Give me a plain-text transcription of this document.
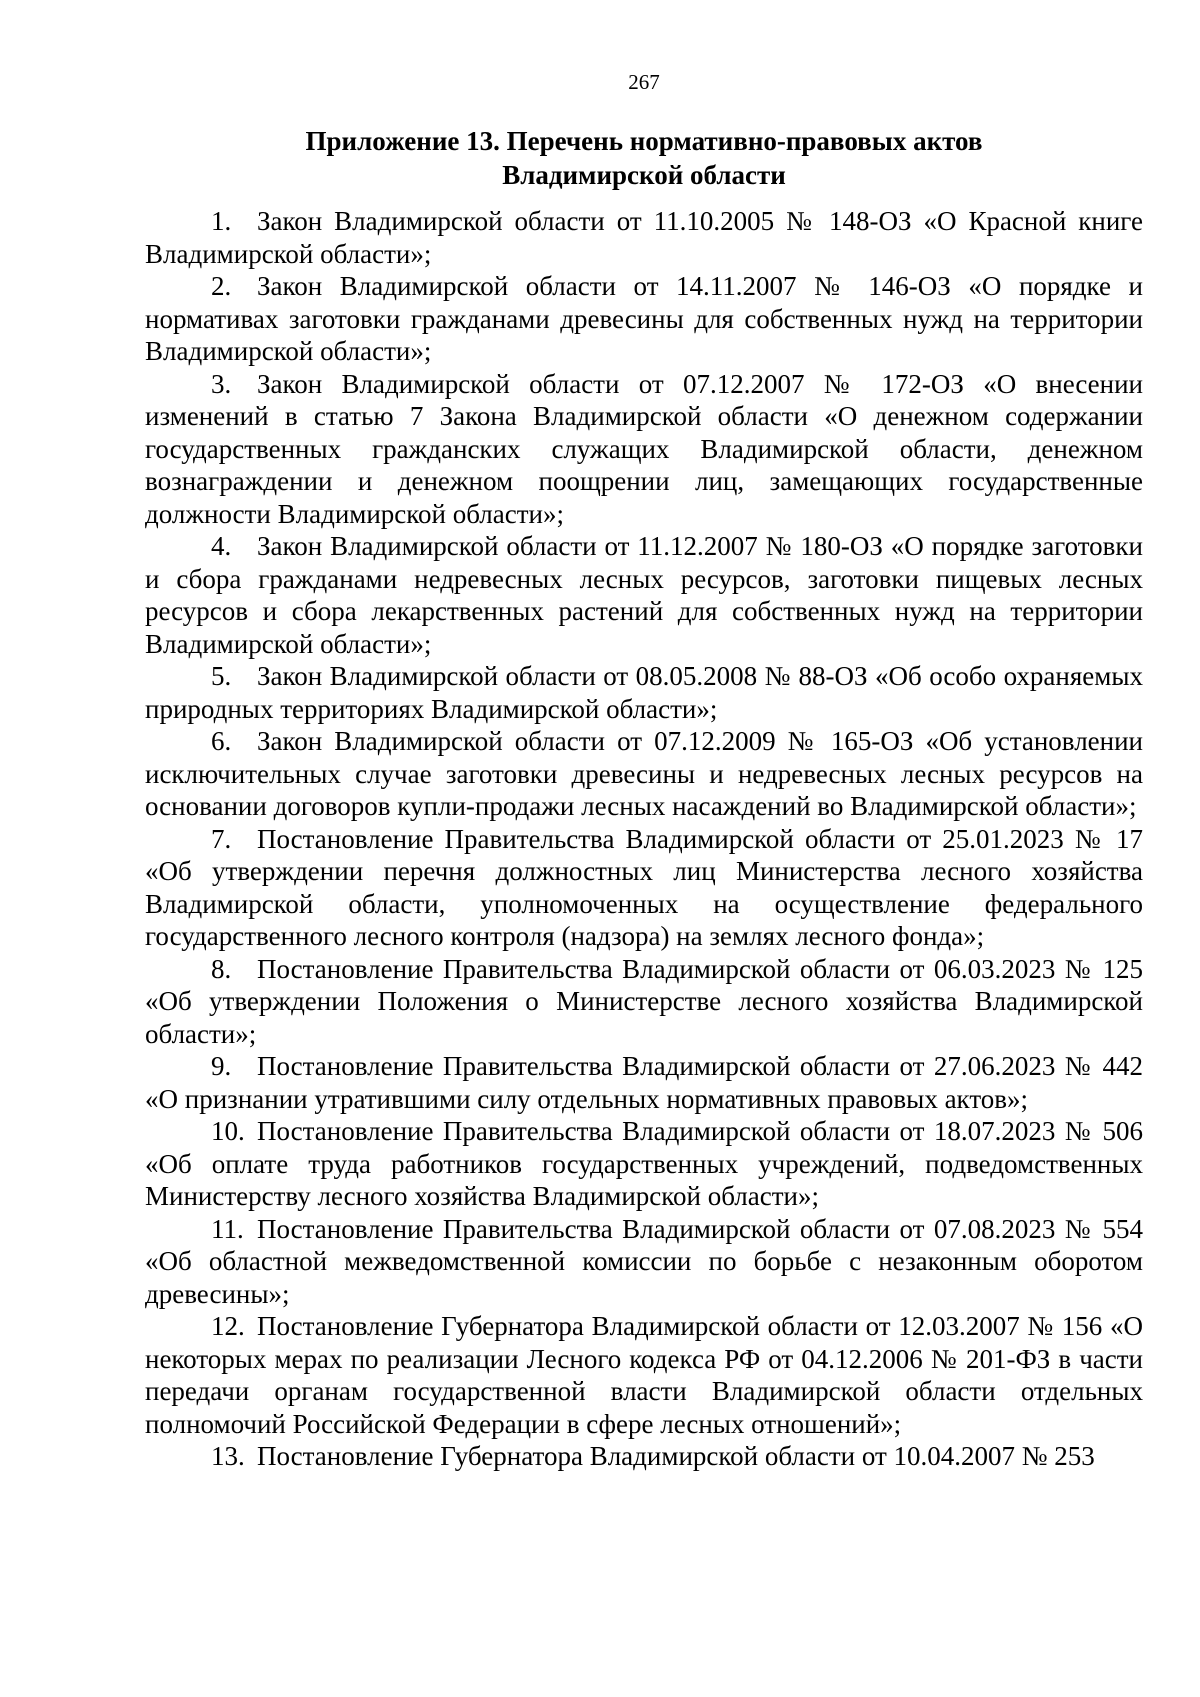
267
Приложение 13. Перечень нормативно-правовых актов
Владимирской области

1. Закон Владимирской области от 11.10.2005 № 148-ОЗ «О Красной книге Владимирской области»;

2. Закон Владимирской области от 14.11.2007 № 146-ОЗ «О порядке и нормативах заготовки гражданами древесины для собственных нужд на территории Владимирской области»;

3. Закон Владимирской области от 07.12.2007 № 172-ОЗ «О внесении изменений в статью 7 Закона Владимирской области «О денежном содержании государственных гражданских служащих Владимирской области, денежном вознаграждении и денежном поощрении лиц, замещающих государственные должности Владимирской области»;

4. Закон Владимирской области от 11.12.2007 № 180-ОЗ «О порядке заготовки и сбора гражданами недревесных лесных ресурсов, заготовки пищевых лесных ресурсов и сбора лекарственных растений для собственных нужд на территории Владимирской области»;

5. Закон Владимирской области от 08.05.2008 № 88-ОЗ «Об особо охраняемых природных территориях Владимирской области»;

6. Закон Владимирской области от 07.12.2009 № 165-ОЗ «Об установлении исключительных случае заготовки древесины и недревесных лесных ресурсов на основании договоров купли-продажи лесных насаждений во Владимирской области»;

7. Постановление Правительства Владимирской области от 25.01.2023 № 17 «Об утверждении перечня должностных лиц Министерства лесного хозяйства Владимирской области, уполномоченных на осуществление федерального государственного лесного контроля (надзора) на землях лесного фонда»;

8. Постановление Правительства Владимирской области от 06.03.2023 № 125 «Об утверждении Положения о Министерстве лесного хозяйства Владимирской области»;

9. Постановление Правительства Владимирской области от 27.06.2023 № 442 «О признании утратившими силу отдельных нормативных правовых актов»;

10. Постановление Правительства Владимирской области от 18.07.2023 № 506 «Об оплате труда работников государственных учреждений, подведомственных Министерству лесного хозяйства Владимирской области»;

11. Постановление Правительства Владимирской области от 07.08.2023 № 554 «Об областной межведомственной комиссии по борьбе с незаконным оборотом древесины»;

12. Постановление Губернатора Владимирской области от 12.03.2007 № 156 «О некоторых мерах по реализации Лесного кодекса РФ от 04.12.2006 № 201-ФЗ в части передачи органам государственной власти Владимирской области отдельных полномочий Российской Федерации в сфере лесных отношений»;

13. Постановление Губернатора Владимирской области от 10.04.2007 № 253
